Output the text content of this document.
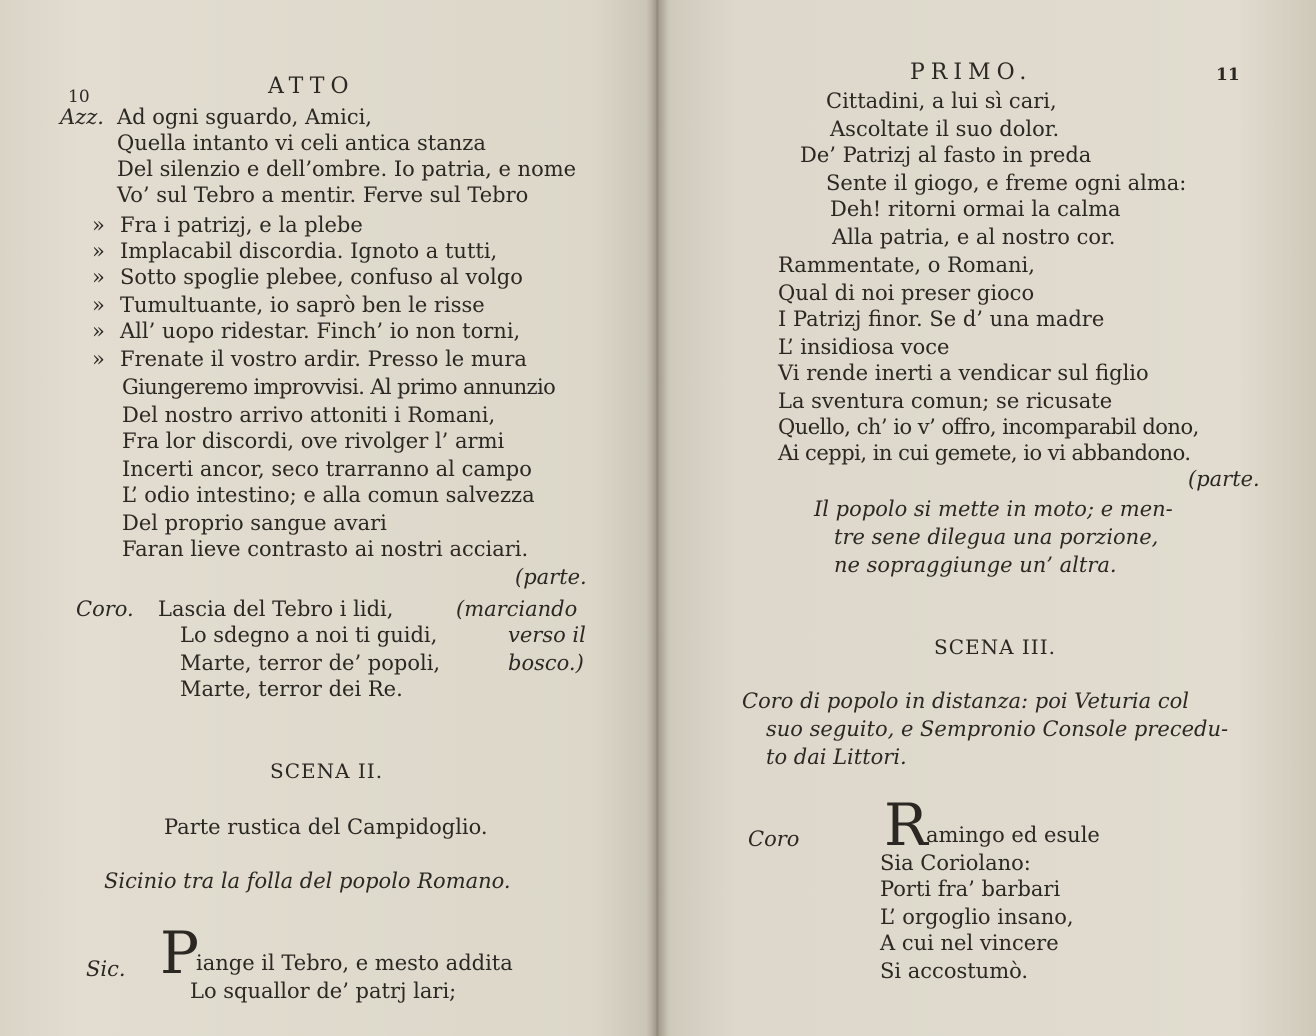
10	ATTO
Azz. Ad ogni sguardo, Amici,
Quella intanto vi celi antica stanza
Del silenzio e dell’ombre. Io patria, e nome
Vo’ sul Tebro a mentir. Ferve sul Tebro
» Fra i patrizj, e la plebe
» Implacabil discordia. Ignoto a tutti,
» Sotto spoglie plebee, confuso al volgo
» Tumultuante, io saprò ben le risse
» All’ uopo ridestar. Finch’ io non torni,
» Frenate il vostro ardir. Presso le mura
Giungeremo improvvisi. Al primo annunzio
Del nostro arrivo attoniti i Romani,
Fra lor discordi, ove rivolger l’ armi
Incerti ancor, seco trarranno al campo
L’ odio intestino; e alla comun salvezza
Del proprio sangue avari
Faran lieve contrasto ai nostri acciari.
(parte.
Coro. Lascia del Tebro i lidi,
Lo sdegno a noi ti guidi,
Marte, terror de’ popoli,
Marte, terror dei Re.
(marciando
verso il
bosco.)
SCENA II.
Parte rustica del Campidoglio.
Sicinio tra la folla del popolo Romano.
Sic. P
iange il Tebro, e mesto addita
Lo squallor de’ patrj lari;
PRIMO.	11
Cittadini, a lui sì cari,
Ascoltate il suo dolor.
De’ Patrizj al fasto in preda
Sente il giogo, e freme ogni alma:
Deh! ritorni ormai la calma
Alla patria, e al nostro cor.
Rammentate, o Romani,
Qual di noi preser gioco
I Patrizj finor. Se d’ una madre
L’ insidiosa voce
Vi rende inerti a vendicar sul figlio
La sventura comun; se ricusate
Quello, ch’ io v’ offro, incomparabil dono,
Ai ceppi, in cui gemete, io vi abbandono.
(parte.
Il popolo si mette in moto; e men-
tre sene dilegua una porzione,
ne sopraggiunge un’ altra.
SCENA III.
Coro di popolo in distanza: poi Veturia col
suo seguito, e Sempronio Console precedu-
to dai Littori.
Coro R
amingo ed esule
Sia Coriolano:
Porti fra’ barbari
L’ orgoglio insano,
A cui nel vincere
Si accostumò.
